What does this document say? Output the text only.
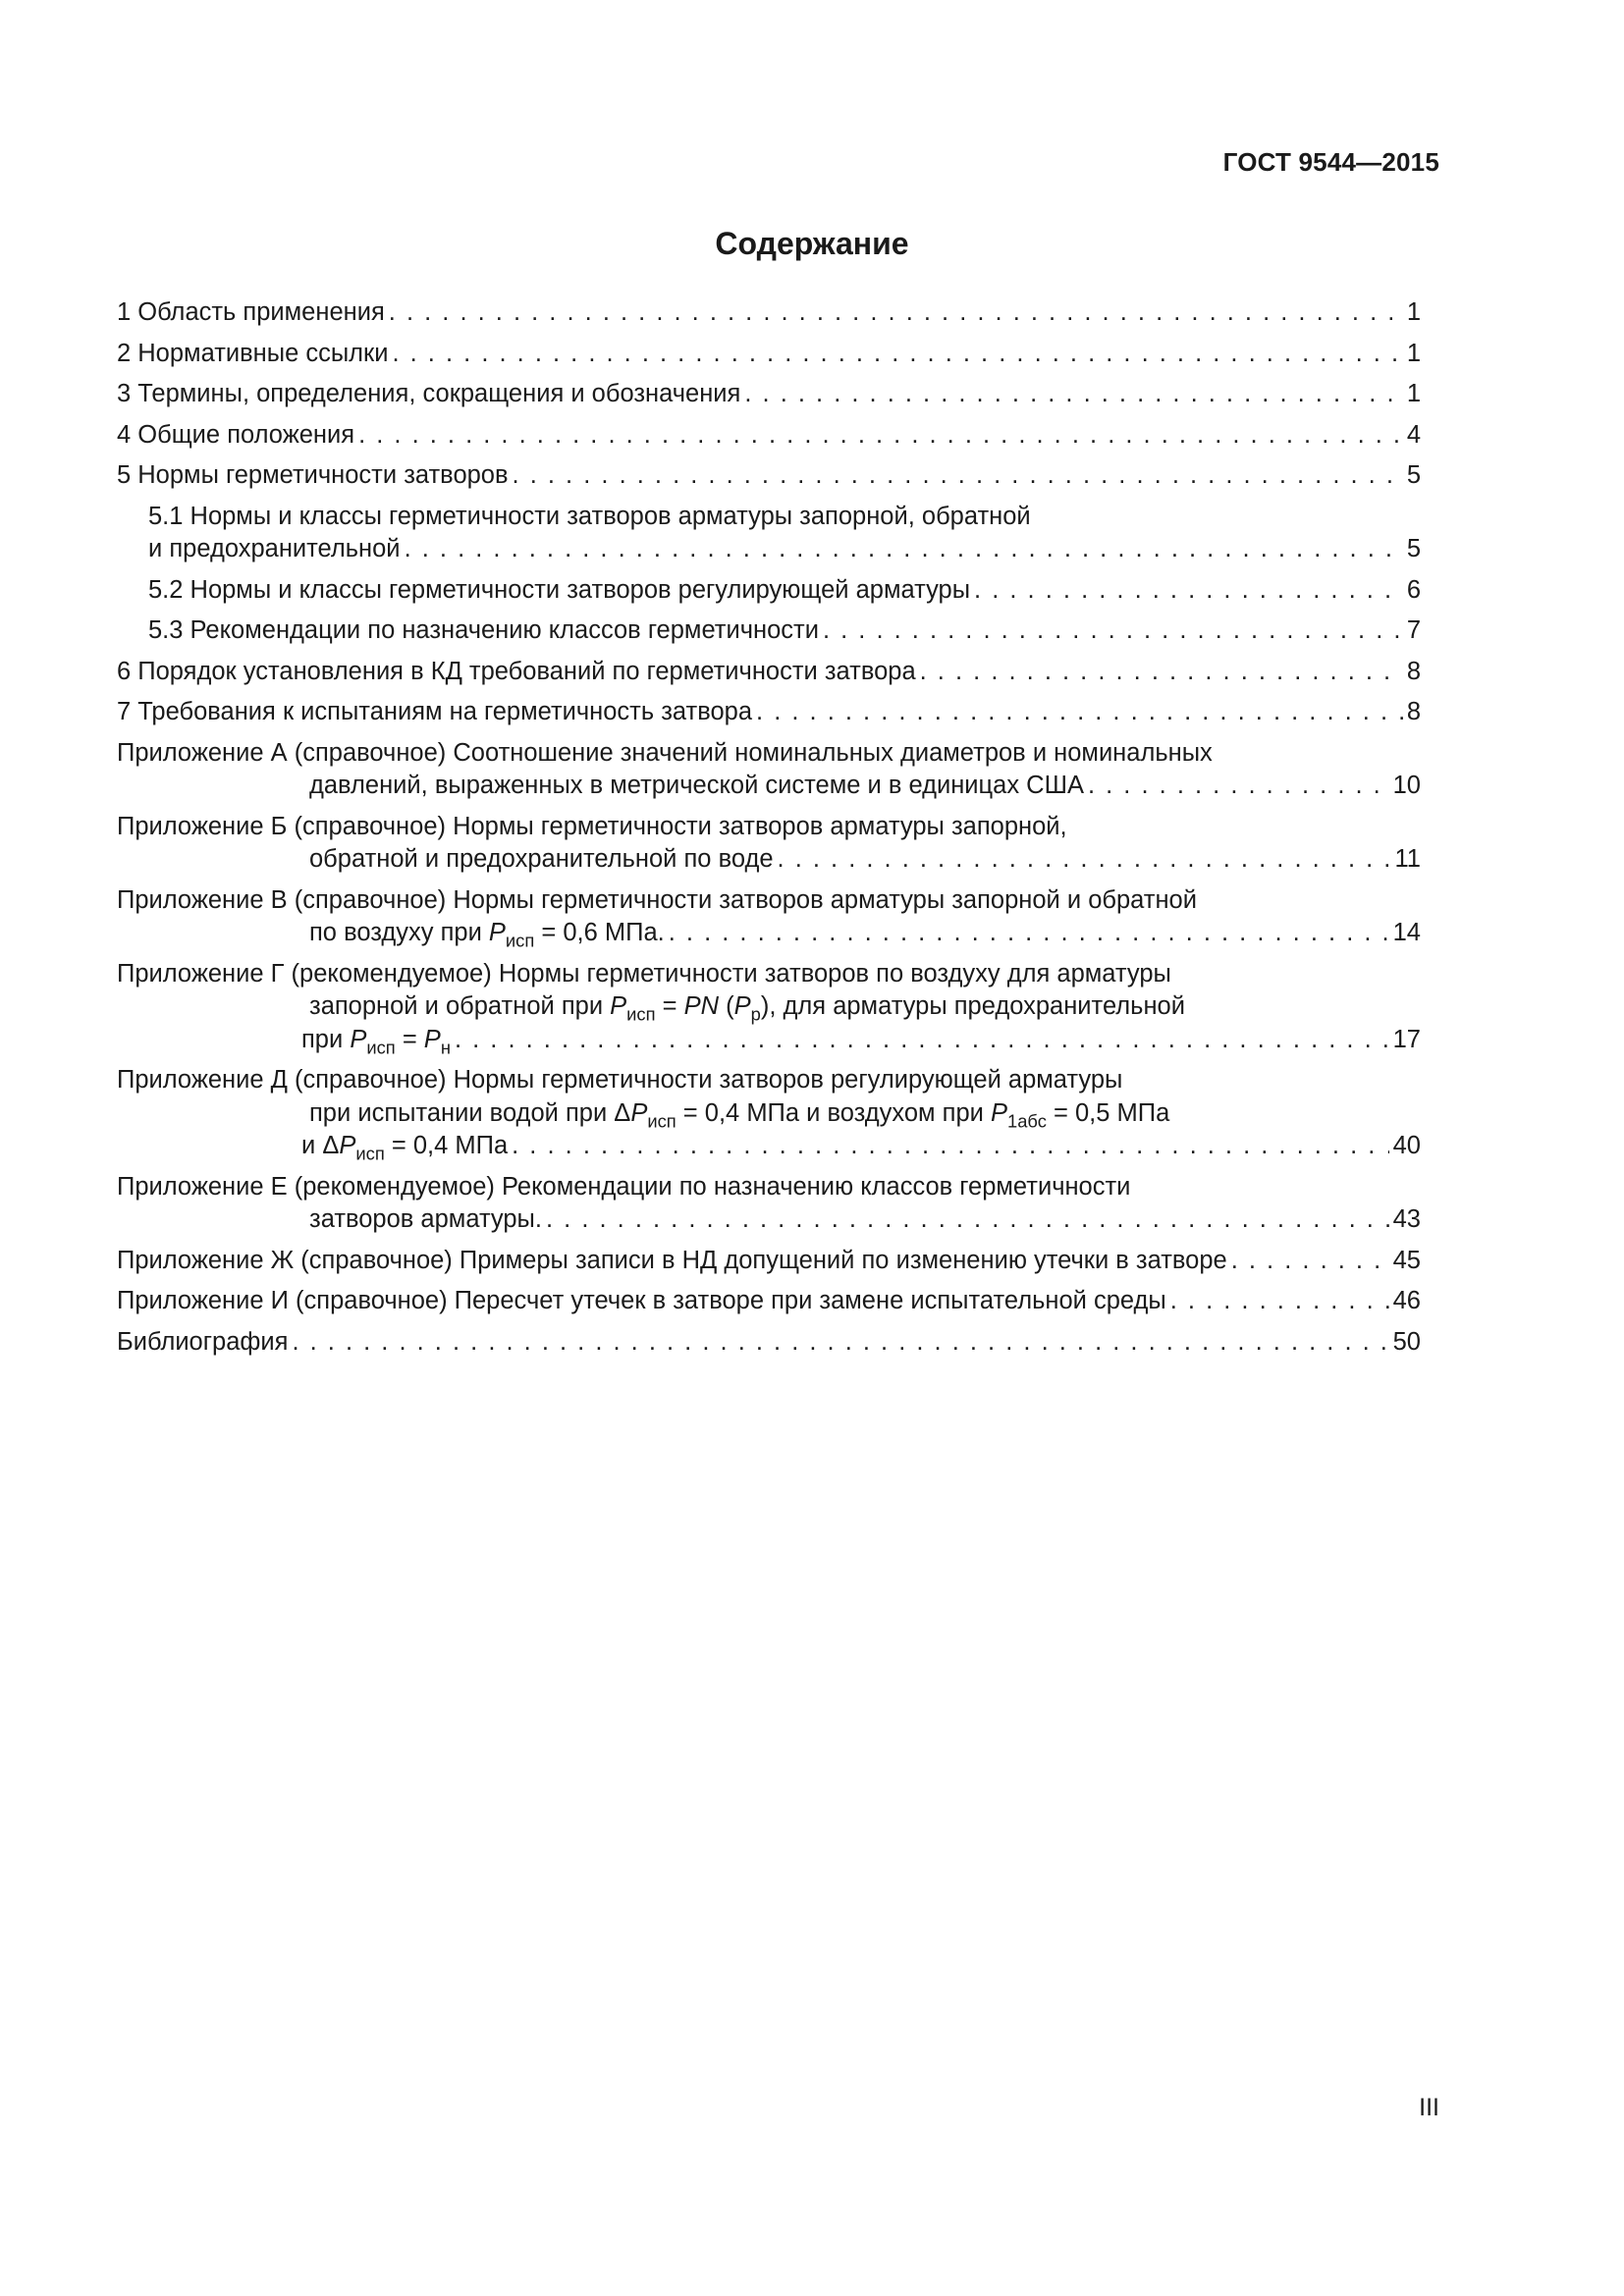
ГОСТ 9544—2015
Содержание
1 Область применения . . .	1
2 Нормативные ссылки . . .	1
3 Термины, определения, сокращения и обозначения . . .	1
4 Общие положения . . .	4
5 Нормы герметичности затворов . . .	5
5.1 Нормы и классы герметичности затворов арматуры запорной, обратной
и предохранительной . . .	5
5.2 Нормы и классы герметичности затворов регулирующей арматуры . . .	6
5.3 Рекомендации по назначению классов герметичности . . .	7
6 Порядок установления в КД требований по герметичности затвора . . .	8
7 Требования к испытаниям на герметичность затвора . . .	8
Приложение А (справочное) Соотношение значений номинальных диаметров и номинальных
давлений, выраженных в метрической системе и в единицах США . . .	10
Приложение Б (справочное) Нормы герметичности затворов арматуры запорной,
обратной и предохранительной по воде . . .	11
Приложение В (справочное) Нормы герметичности затворов арматуры запорной и обратной
по воздуху при $P_{исп} = 0,6$ МПа. . . .	14
Приложение Г (рекомендуемое) Нормы герметичности затворов по воздуху для арматуры
запорной и обратной при $P_{исп}$ = PN $(P_р)$, для арматуры предохранительной
при $P_{исп} = P_н$ . . .	17
Приложение Д (справочное) Нормы герметичности затворов регулирующей арматуры
при испытании водой при $\Delta P_{исп} = 0,4$ МПа и воздухом при $P_{1абс} = 0,5$ МПа
и $\Delta P_{исп} = 0,4$ МПа . . .	40
Приложение Е (рекомендуемое) Рекомендации по назначению классов герметичности
затворов арматуры. . . .	43
Приложение Ж (справочное) Примеры записи в НД допущений по изменению утечки в затворе . . .	45
Приложение И (справочное) Пересчет утечек в затворе при замене испытательной среды . . .	46
Библиография . . .	50
III
